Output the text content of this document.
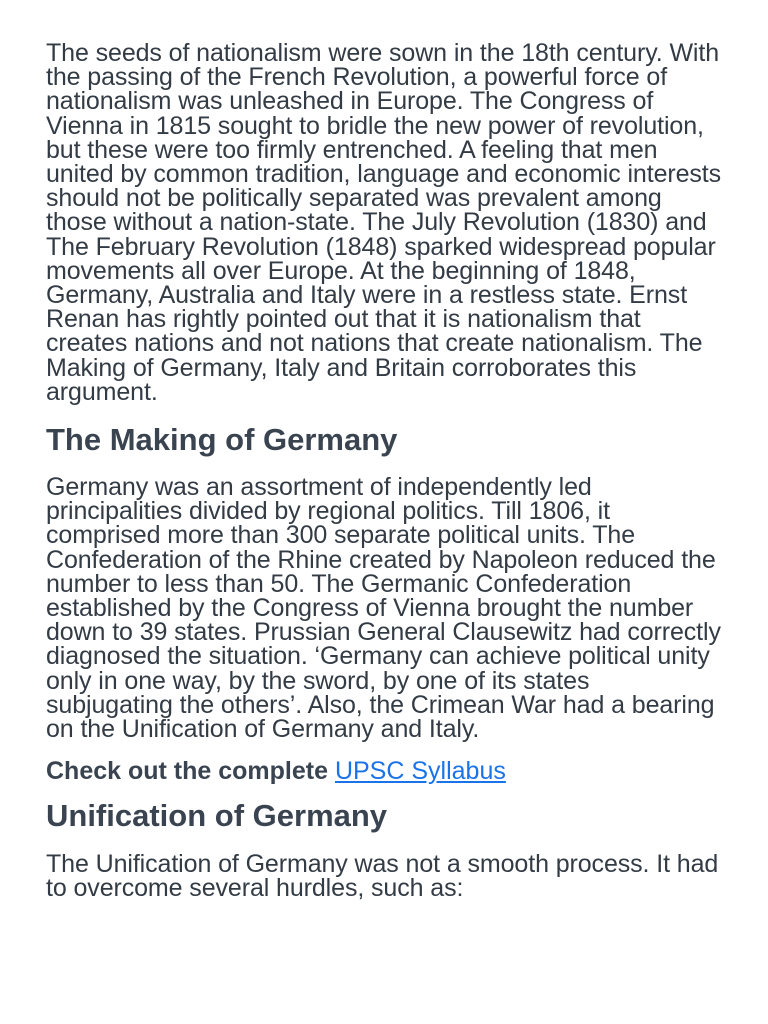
The seeds of nationalism were sown in the 18th century. With the passing of the French Revolution, a powerful force of nationalism was unleashed in Europe. The Congress of Vienna in 1815 sought to bridle the new power of revolution, but these were too firmly entrenched. A feeling that men united by common tradition, language and economic interests should not be politically separated was prevalent among those without a nation-state. The July Revolution (1830) and The February Revolution (1848) sparked widespread popular movements all over Europe. At the beginning of 1848, Germany, Australia and Italy were in a restless state. Ernst Renan has rightly pointed out that it is nationalism that creates nations and not nations that create nationalism. The Making of Germany, Italy and Britain corroborates this argument.

The Making of Germany

Germany was an assortment of independently led principalities divided by regional politics. Till 1806, it comprised more than 300 separate political units. The Confederation of the Rhine created by Napoleon reduced the number to less than 50. The Germanic Confederation established by the Congress of Vienna brought the number down to 39 states. Prussian General Clausewitz had correctly diagnosed the situation. ‘Germany can achieve political unity only in one way, by the sword, by one of its states subjugating the others’. Also, the Crimean War had a bearing on the Unification of Germany and Italy.

Check out the complete UPSC Syllabus

Unification of Germany

The Unification of Germany was not a smooth process. It had to overcome several hurdles, such as:
